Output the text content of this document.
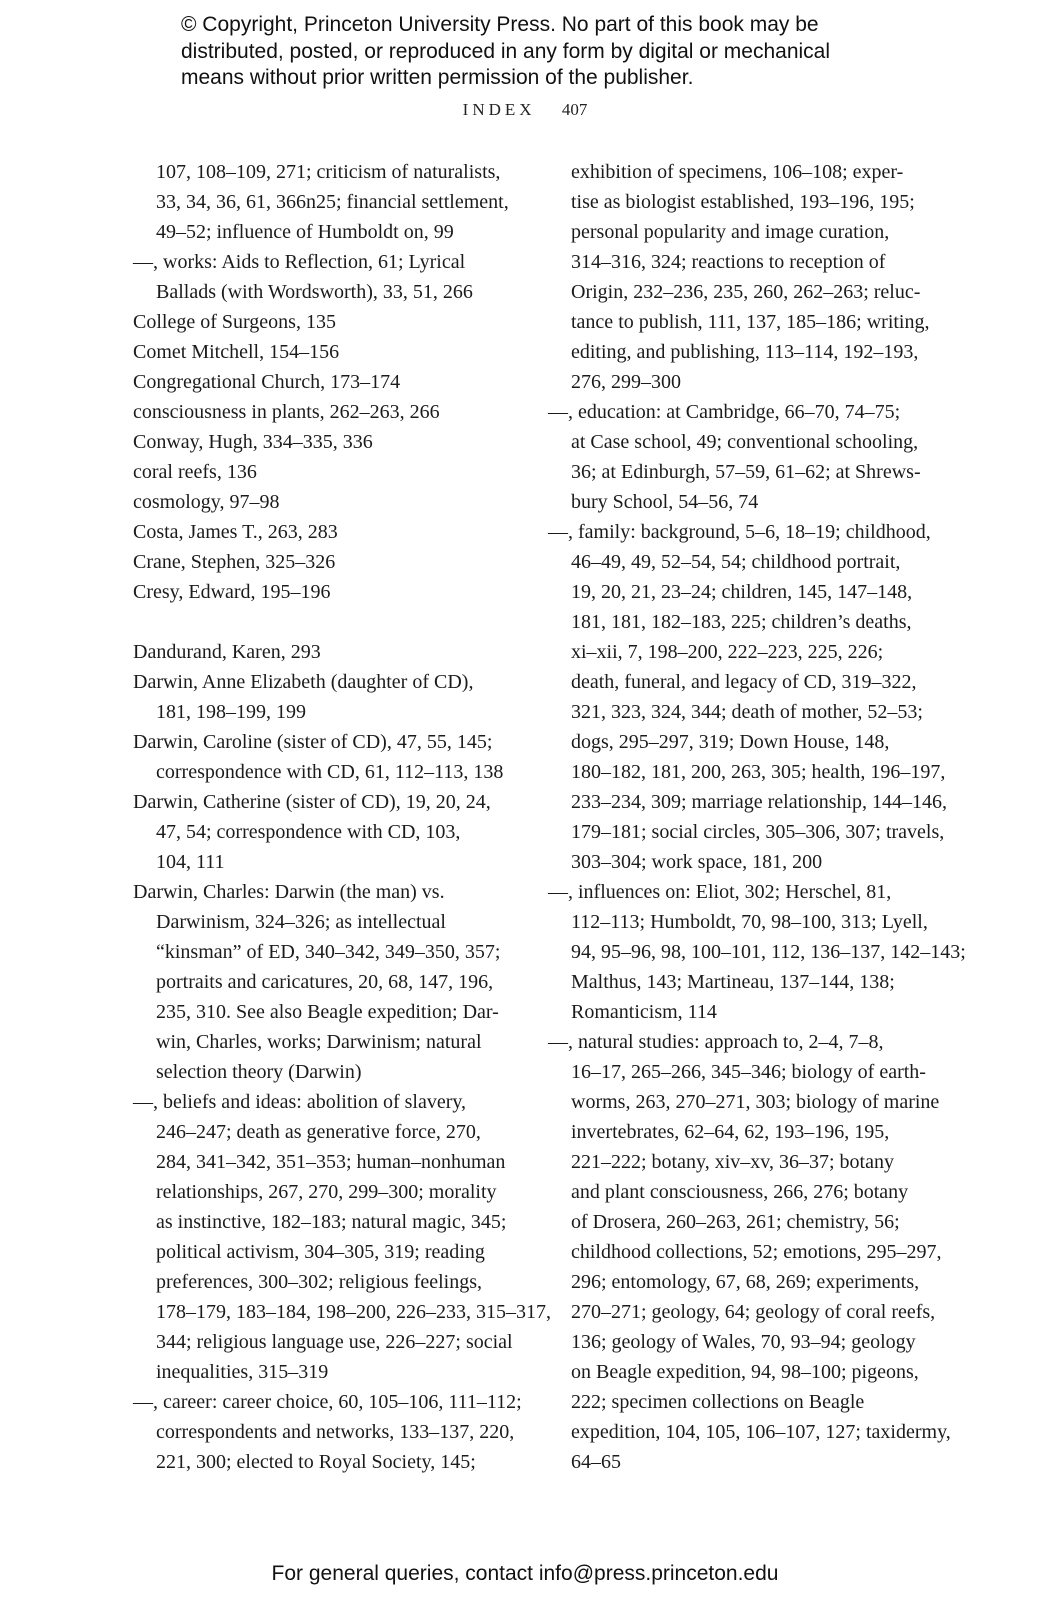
© Copyright, Princeton University Press. No part of this book may be
distributed, posted, or reproduced in any form by digital or mechanical
means without prior written permission of the publisher.
INDEX 407
107, 108–109, 271; criticism of naturalists,
33, 34, 36, 61, 366n25; financial settlement,
49–52; influence of Humboldt on, 99
—, works: Aids to Reflection, 61; Lyrical
Ballads (with Wordsworth), 33, 51, 266
College of Surgeons, 135
Comet Mitchell, 154–156
Congregational Church, 173–174
consciousness in plants, 262–263, 266
Conway, Hugh, 334–335, 336
coral reefs, 136
cosmology, 97–98
Costa, James T., 263, 283
Crane, Stephen, 325–326
Cresy, Edward, 195–196
Dandurand, Karen, 293
Darwin, Anne Elizabeth (daughter of CD),
181, 198–199, 199
Darwin, Caroline (sister of CD), 47, 55, 145;
correspondence with CD, 61, 112–113, 138
Darwin, Catherine (sister of CD), 19, 20, 24,
47, 54; correspondence with CD, 103,
104, 111
Darwin, Charles: Darwin (the man) vs.
Darwinism, 324–326; as intellectual
“kinsman” of ED, 340–342, 349–350, 357;
portraits and caricatures, 20, 68, 147, 196,
235, 310. See also Beagle expedition; Dar-
win, Charles, works; Darwinism; natural
selection theory (Darwin)
—, beliefs and ideas: abolition of slavery,
246–247; death as generative force, 270,
284, 341–342, 351–353; human–nonhuman
relationships, 267, 270, 299–300; morality
as instinctive, 182–183; natural magic, 345;
political activism, 304–305, 319; reading
preferences, 300–302; religious feelings,
178–179, 183–184, 198–200, 226–233, 315–317,
344; religious language use, 226–227; social
inequalities, 315–319
—, career: career choice, 60, 105–106, 111–112;
correspondents and networks, 133–137, 220,
221, 300; elected to Royal Society, 145;
exhibition of specimens, 106–108; exper-
tise as biologist established, 193–196, 195;
personal popularity and image curation,
314–316, 324; reactions to reception of
Origin, 232–236, 235, 260, 262–263; reluc-
tance to publish, 111, 137, 185–186; writing,
editing, and publishing, 113–114, 192–193,
276, 299–300
—, education: at Cambridge, 66–70, 74–75;
at Case school, 49; conventional schooling,
36; at Edinburgh, 57–59, 61–62; at Shrews-
bury School, 54–56, 74
—, family: background, 5–6, 18–19; childhood,
46–49, 49, 52–54, 54; childhood portrait,
19, 20, 21, 23–24; children, 145, 147–148,
181, 181, 182–183, 225; children’s deaths,
xi–xii, 7, 198–200, 222–223, 225, 226;
death, funeral, and legacy of CD, 319–322,
321, 323, 324, 344; death of mother, 52–53;
dogs, 295–297, 319; Down House, 148,
180–182, 181, 200, 263, 305; health, 196–197,
233–234, 309; marriage relationship, 144–146,
179–181; social circles, 305–306, 307; travels,
303–304; work space, 181, 200
—, influences on: Eliot, 302; Herschel, 81,
112–113; Humboldt, 70, 98–100, 313; Lyell,
94, 95–96, 98, 100–101, 112, 136–137, 142–143;
Malthus, 143; Martineau, 137–144, 138;
Romanticism, 114
—, natural studies: approach to, 2–4, 7–8,
16–17, 265–266, 345–346; biology of earth-
worms, 263, 270–271, 303; biology of marine
invertebrates, 62–64, 62, 193–196, 195,
221–222; botany, xiv–xv, 36–37; botany
and plant consciousness, 266, 276; botany
of Drosera, 260–263, 261; chemistry, 56;
childhood collections, 52; emotions, 295–297,
296; entomology, 67, 68, 269; experiments,
270–271; geology, 64; geology of coral reefs,
136; geology of Wales, 70, 93–94; geology
on Beagle expedition, 94, 98–100; pigeons,
222; specimen collections on Beagle
expedition, 104, 105, 106–107, 127; taxidermy,
64–65
For general queries, contact info@press.princeton.edu
